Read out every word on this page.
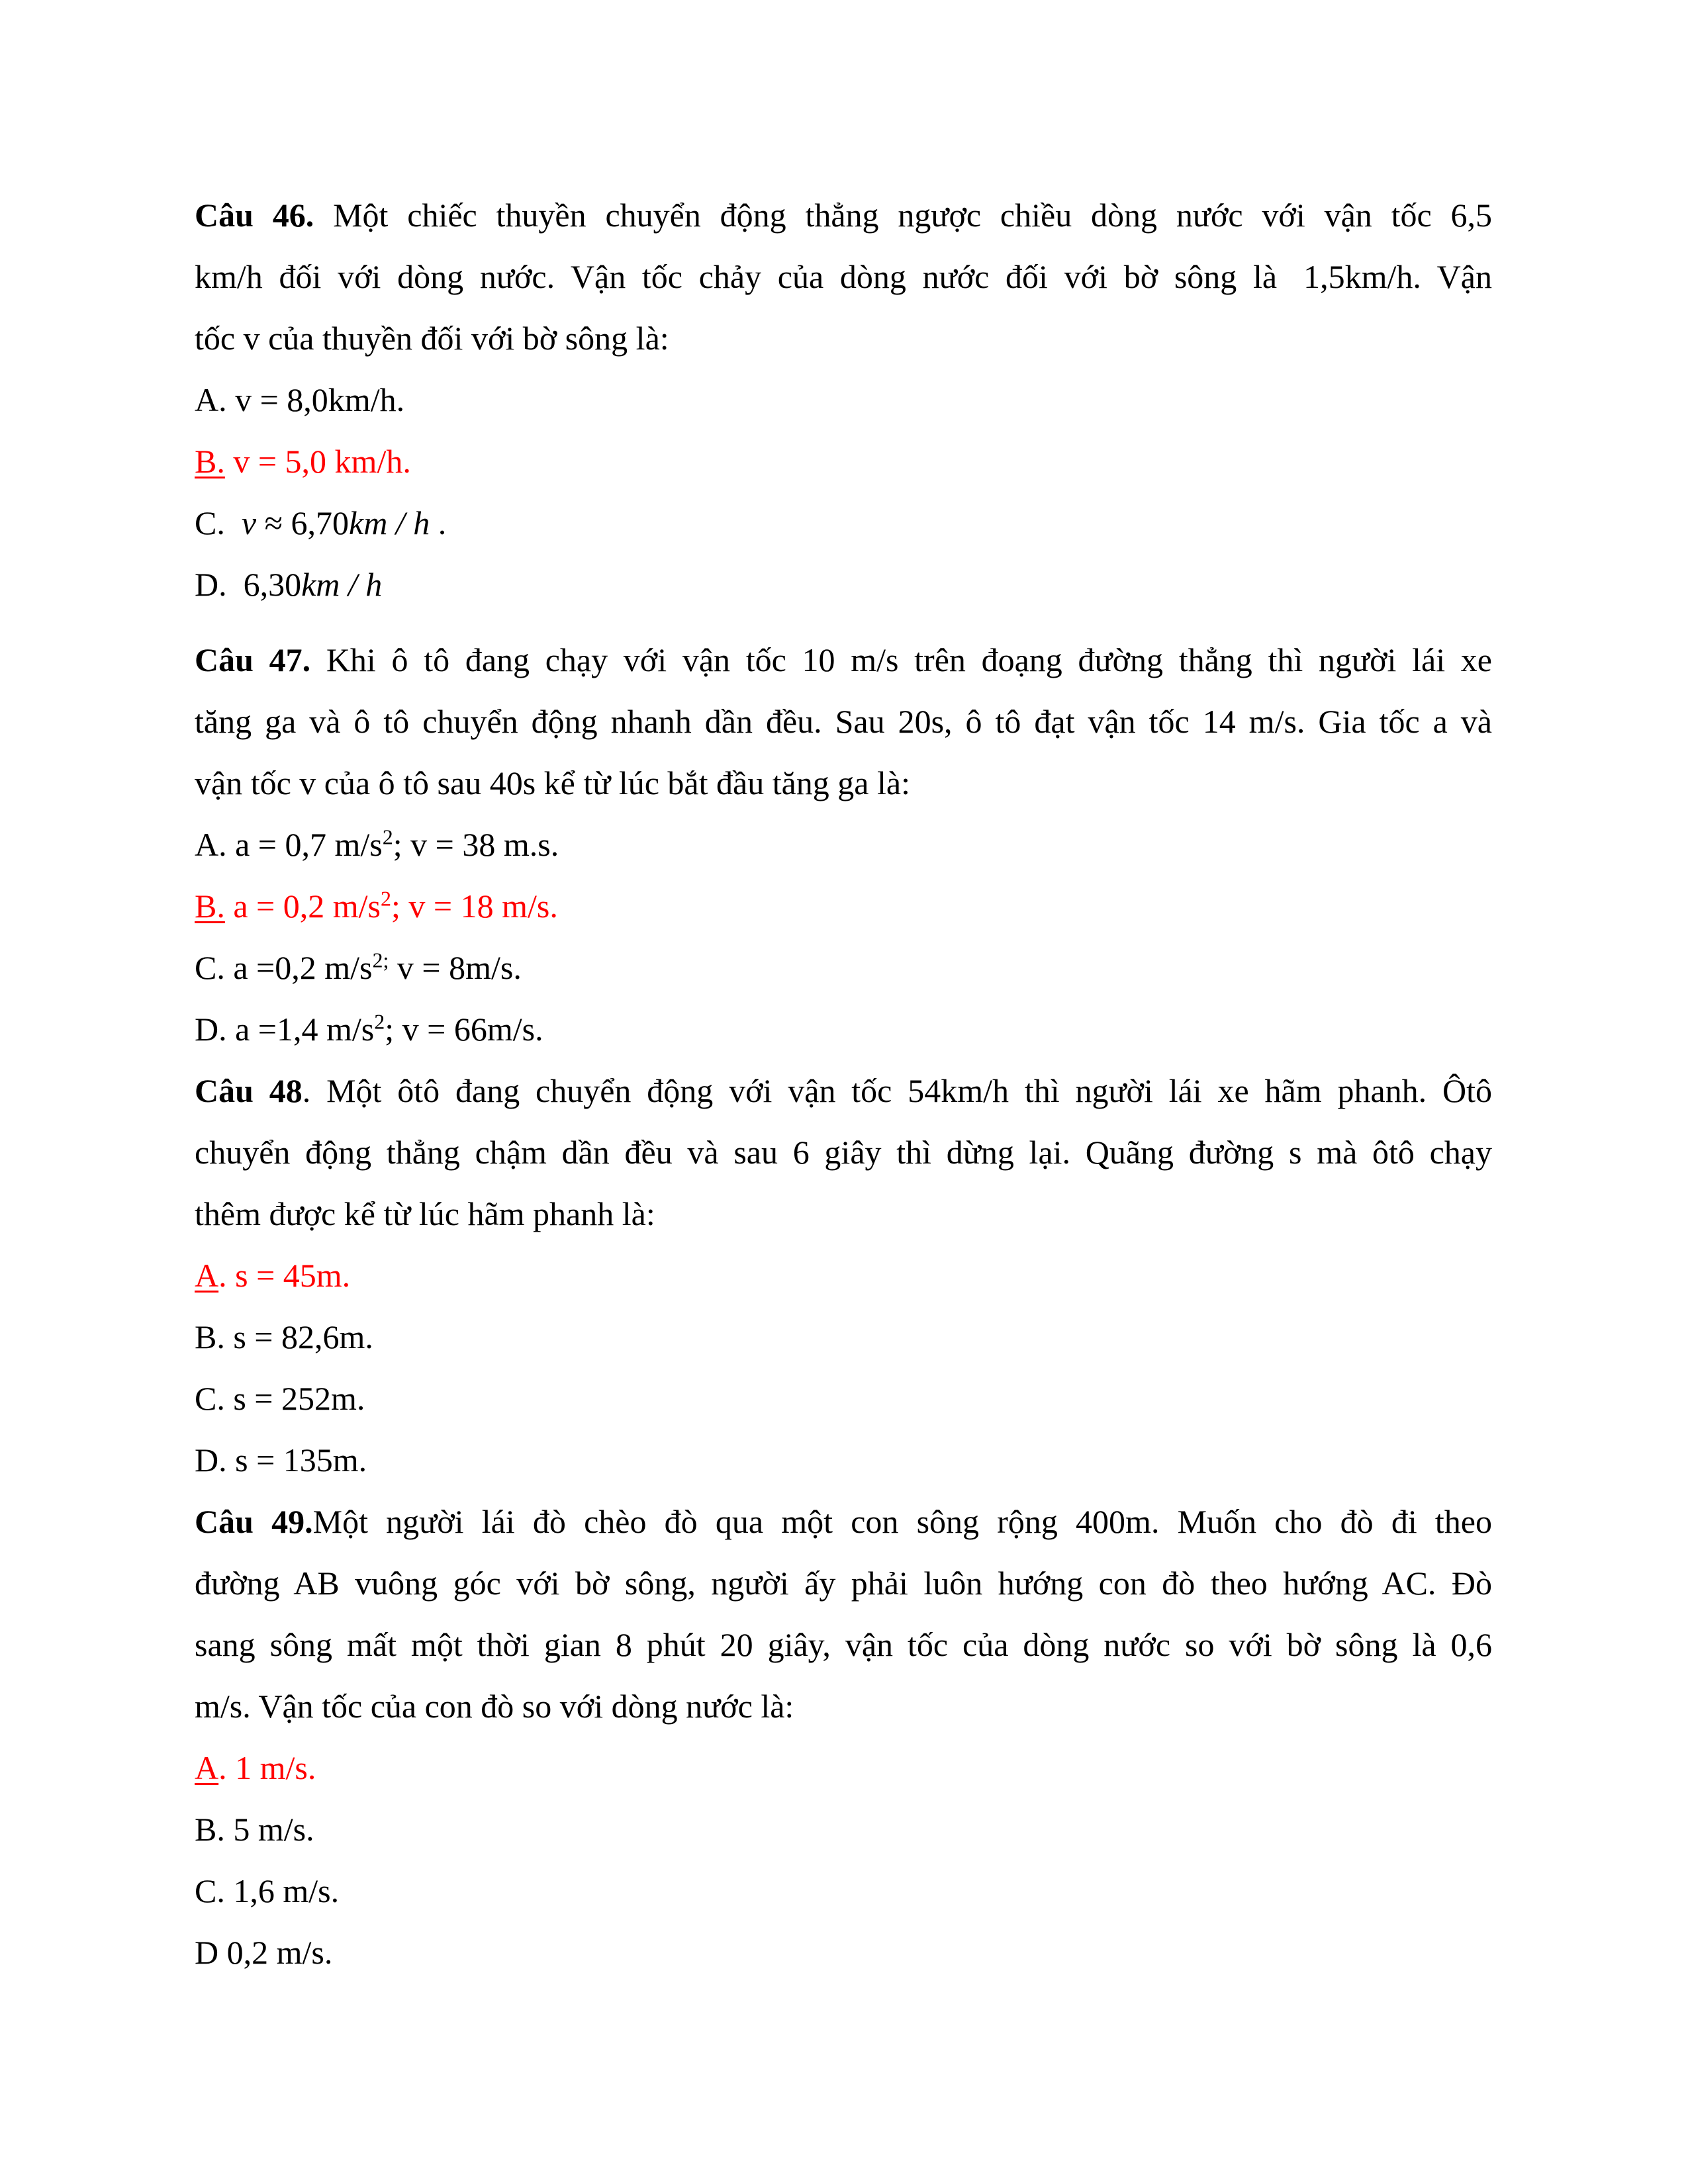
Câu 46. Một chiếc thuyền chuyển động thẳng ngược chiều dòng nước với vận tốc 6,5
km/h đối với dòng nước. Vận tốc chảy của dòng nước đối với bờ sông là 1,5km/h. Vận
tốc v của thuyền đối với bờ sông là:
A. v = 8,0km/h.
B. v = 5,0 km/h.
C. v ≈ 6,70km / h .
D. 6,30km / h
Câu 47. Khi ô tô đang chạy với vận tốc 10 m/s trên đoạng đường thẳng thì người lái xe
tăng ga và ô tô chuyển động nhanh dần đều. Sau 20s, ô tô đạt vận tốc 14 m/s. Gia tốc a và
vận tốc v của ô tô sau 40s kể từ lúc bắt đầu tăng ga là:
A. a = 0,7 $m/s^2$; v = 38 m.s.
B. a = 0,2 $m/s^2$; v = 18 m/s.
C. a =0,2 $m/s^{2;}$ v = 8m/s.
D. a =1,4 $m/s^2$; v = 66m/s.
Câu 48. Một ôtô đang chuyển động với vận tốc 54km/h thì người lái xe hãm phanh. Ôtô
chuyển động thẳng chậm dần đều và sau 6 giây thì dừng lại. Quãng đường s mà ôtô chạy
thêm được kể từ lúc hãm phanh là:
A. s = 45m.
B. s = 82,6m.
C. s = 252m.
D. s = 135m.
Câu 49.Một người lái đò chèo đò qua một con sông rộng 400m. Muốn cho đò đi theo
đường AB vuông góc với bờ sông, người ấy phải luôn hướng con đò theo hướng AC. Đò
sang sông mất một thời gian 8 phút 20 giây, vận tốc của dòng nước so với bờ sông là 0,6
m/s. Vận tốc của con đò so với dòng nước là:
A. 1 m/s.
B. 5 m/s.
C. 1,6 m/s.
D 0,2 m/s.
